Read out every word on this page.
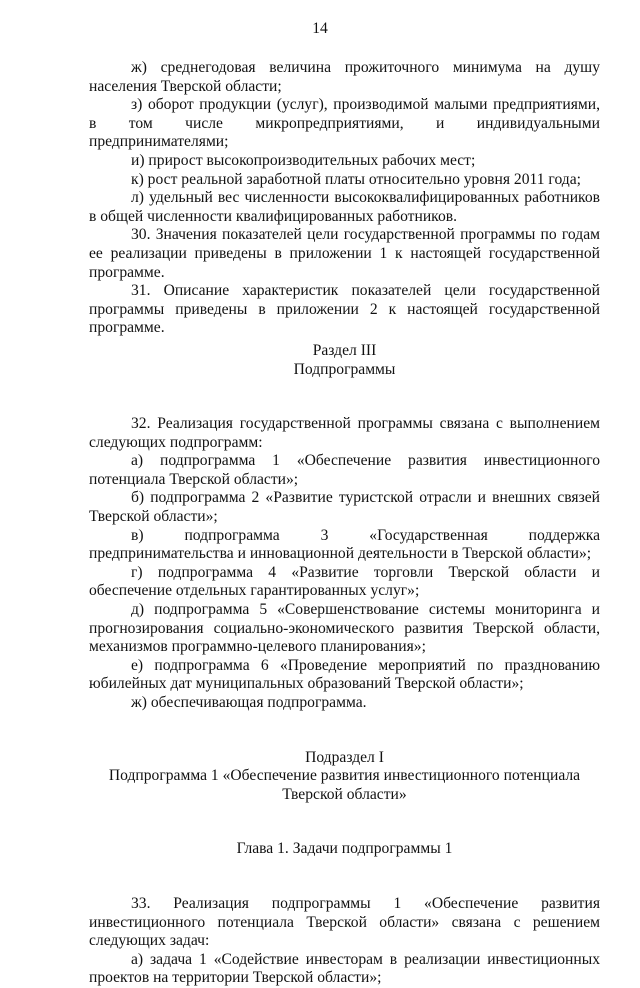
14

ж) среднегодовая величина прожиточного минимума на душу населения Тверской области;

з) оборот продукции (услуг), производимой малыми предприятиями, в том числе микропредприятиями, и индивидуальными предпринимателями;

и) прирост высокопроизводительных рабочих мест;

к) рост реальной заработной платы относительно уровня 2011 года;

л) удельный вес численности высококвалифицированных работников в общей численности квалифицированных работников.

30. Значения показателей цели государственной программы по годам ее реализации приведены в приложении 1 к настоящей государственной программе.

31. Описание характеристик показателей цели государственной программы приведены в приложении 2 к настоящей государственной программе.

Раздел III

Подпрограммы

32. Реализация государственной программы связана с выполнением следующих подпрограмм:

а) подпрограмма 1 «Обеспечение развития инвестиционного потенциала Тверской области»;

б) подпрограмма 2 «Развитие туристской отрасли и внешних связей Тверской области»;

в) подпрограмма 3 «Государственная поддержка предпринимательства и инновационной деятельности в Тверской области»;

г) подпрограмма 4 «Развитие торговли Тверской области и обеспечение отдельных гарантированных услуг»;

д) подпрограмма 5 «Совершенствование системы мониторинга и прогнозирования социально-экономического развития Тверской области, механизмов программно-целевого планирования»;

е) подпрограмма 6 «Проведение мероприятий по празднованию юбилейных дат муниципальных образований Тверской области»;

ж) обеспечивающая подпрограмма.

Подраздел I

Подпрограмма 1 «Обеспечение развития инвестиционного потенциала

Тверской области»

Глава 1. Задачи подпрограммы 1

33. Реализация подпрограммы 1 «Обеспечение развития инвестиционного потенциала Тверской области» связана с решением следующих задач:

а) задача 1 «Содействие инвесторам в реализации инвестиционных проектов на территории Тверской области»;
